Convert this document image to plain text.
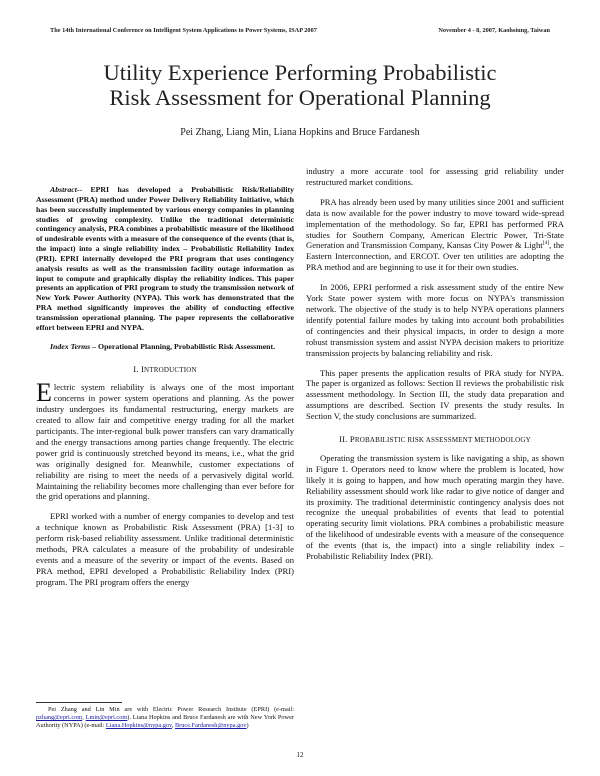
The 14th International Conference on Intelligent System Applications to Power Systems, ISAP 2007	November 4 - 8, 2007, Kaohsiung, Taiwan
Utility Experience Performing Probabilistic
Risk Assessment for Operational Planning
Pei Zhang, Liang Min, Liana Hopkins and Bruce Fardanesh

Abstract-- EPRI has developed a Probabilistic Risk/Reliability Assessment (PRA) method under Power Delivery Reliability Initiative, which has been successfully implemented by various energy companies in planning studies of growing complexity. Unlike the traditional deterministic contingency analysis, PRA combines a probabilistic measure of the likelihood of undesirable events with a measure of the consequence of the events (that is, the impact) into a single reliability index – Probabilistic Reliability Index (PRI). EPRI internally developed the PRI program that uses contingency analysis results as well as the transmission facility outage information as input to compute and graphically display the reliability indices. This paper presents an application of PRI program to study the transmission network of New York Power Authority (NYPA). This work has demonstrated that the PRA method significantly improves the ability of conducting effective transmission operational planning. The paper represents the collaborative effort between EPRI and NYPA.

Index Terms – Operational Planning, Probabilistic Risk Assessment.

I. INTRODUCTION

Electric system reliability is always one of the most important concerns in power system operations and planning. As the power industry undergoes its fundamental restructuring, energy markets are created to allow fair and competitive energy trading for all the market participants. The inter-regional bulk power transfers can vary dramatically and the energy transactions among parties change frequently. The electric power grid is continuously stretched beyond its means, i.e., what the grid was originally designed for. Meanwhile, customer expectations of reliability are rising to meet the needs of a pervasively digital world. Maintaining the reliability becomes more challenging than ever before for the grid operations and planning.

EPRI worked with a number of energy companies to develop and test a technique known as Probabilistic Risk Assessment (PRA) [1-3] to perform risk-based reliability assessment. Unlike traditional deterministic methods, PRA calculates a measure of the probability of undesirable events and a measure of the severity or impact of the events. Based on PRA method, EPRI developed a Probabilistic Reliability Index (PRI) program. The PRI program offers the energy

Pei Zhang and Lin Min are with Electric Power Research Institute (EPRI) (e-mail: pzhang@epri.com, Lmin@epri.com). Liana Hopkins and Bruce Fardanesh are with New York Power Authority (NYPA) (e-mail: Liana.Hopkins@nypa.gov, Bruce.Fardanesh@nypa.gov)

industry a more accurate tool for assessing grid reliability under restructured market conditions.

PRA has already been used by many utilities since 2001 and sufficient data is now available for the power industry to move toward wide-spread implementation of the methodology. So far, EPRI has performed PRA studies for Southern Company, American Electric Power, Tri-State Generation and Transmission Company, Kansas City Power & Light[4], the Eastern Interconnection, and ERCOT. Over ten utilities are adopting the PRA method and are beginning to use it for their own studies.

In 2006, EPRI performed a risk assessment study of the entire New York State power system with more focus on NYPA's transmission network. The objective of the study is to help NYPA operations planners identify potential failure modes by taking into account both probabilities of contingencies and their physical impacts, in order to design a more robust transmission system and assist NYPA decision makers to prioritize transmission projects by balancing reliability and risk.

This paper presents the application results of PRA study for NYPA. The paper is organized as follows: Section II reviews the probabilistic risk assessment methodology. In Section III, the study data preparation and assumptions are described. Section IV presents the study results. In Section V, the study conclusions are summarized.

II. PROBABILISTIC RISK ASSESSMENT METHODOLOGY

Operating the transmission system is like navigating a ship, as shown in Figure 1. Operators need to know where the problem is located, how likely it is going to happen, and how much operating margin they have. Reliability assessment should work like radar to give notice of danger and its proximity. The traditional deterministic contingency analysis does not recognize the unequal probabilities of events that lead to potential operating security limit violations. PRA combines a probabilistic measure of the likelihood of undesirable events with a measure of the consequence of the events (that is, the impact) into a single reliability index – Probabilistic Reliability Index (PRI).

12
